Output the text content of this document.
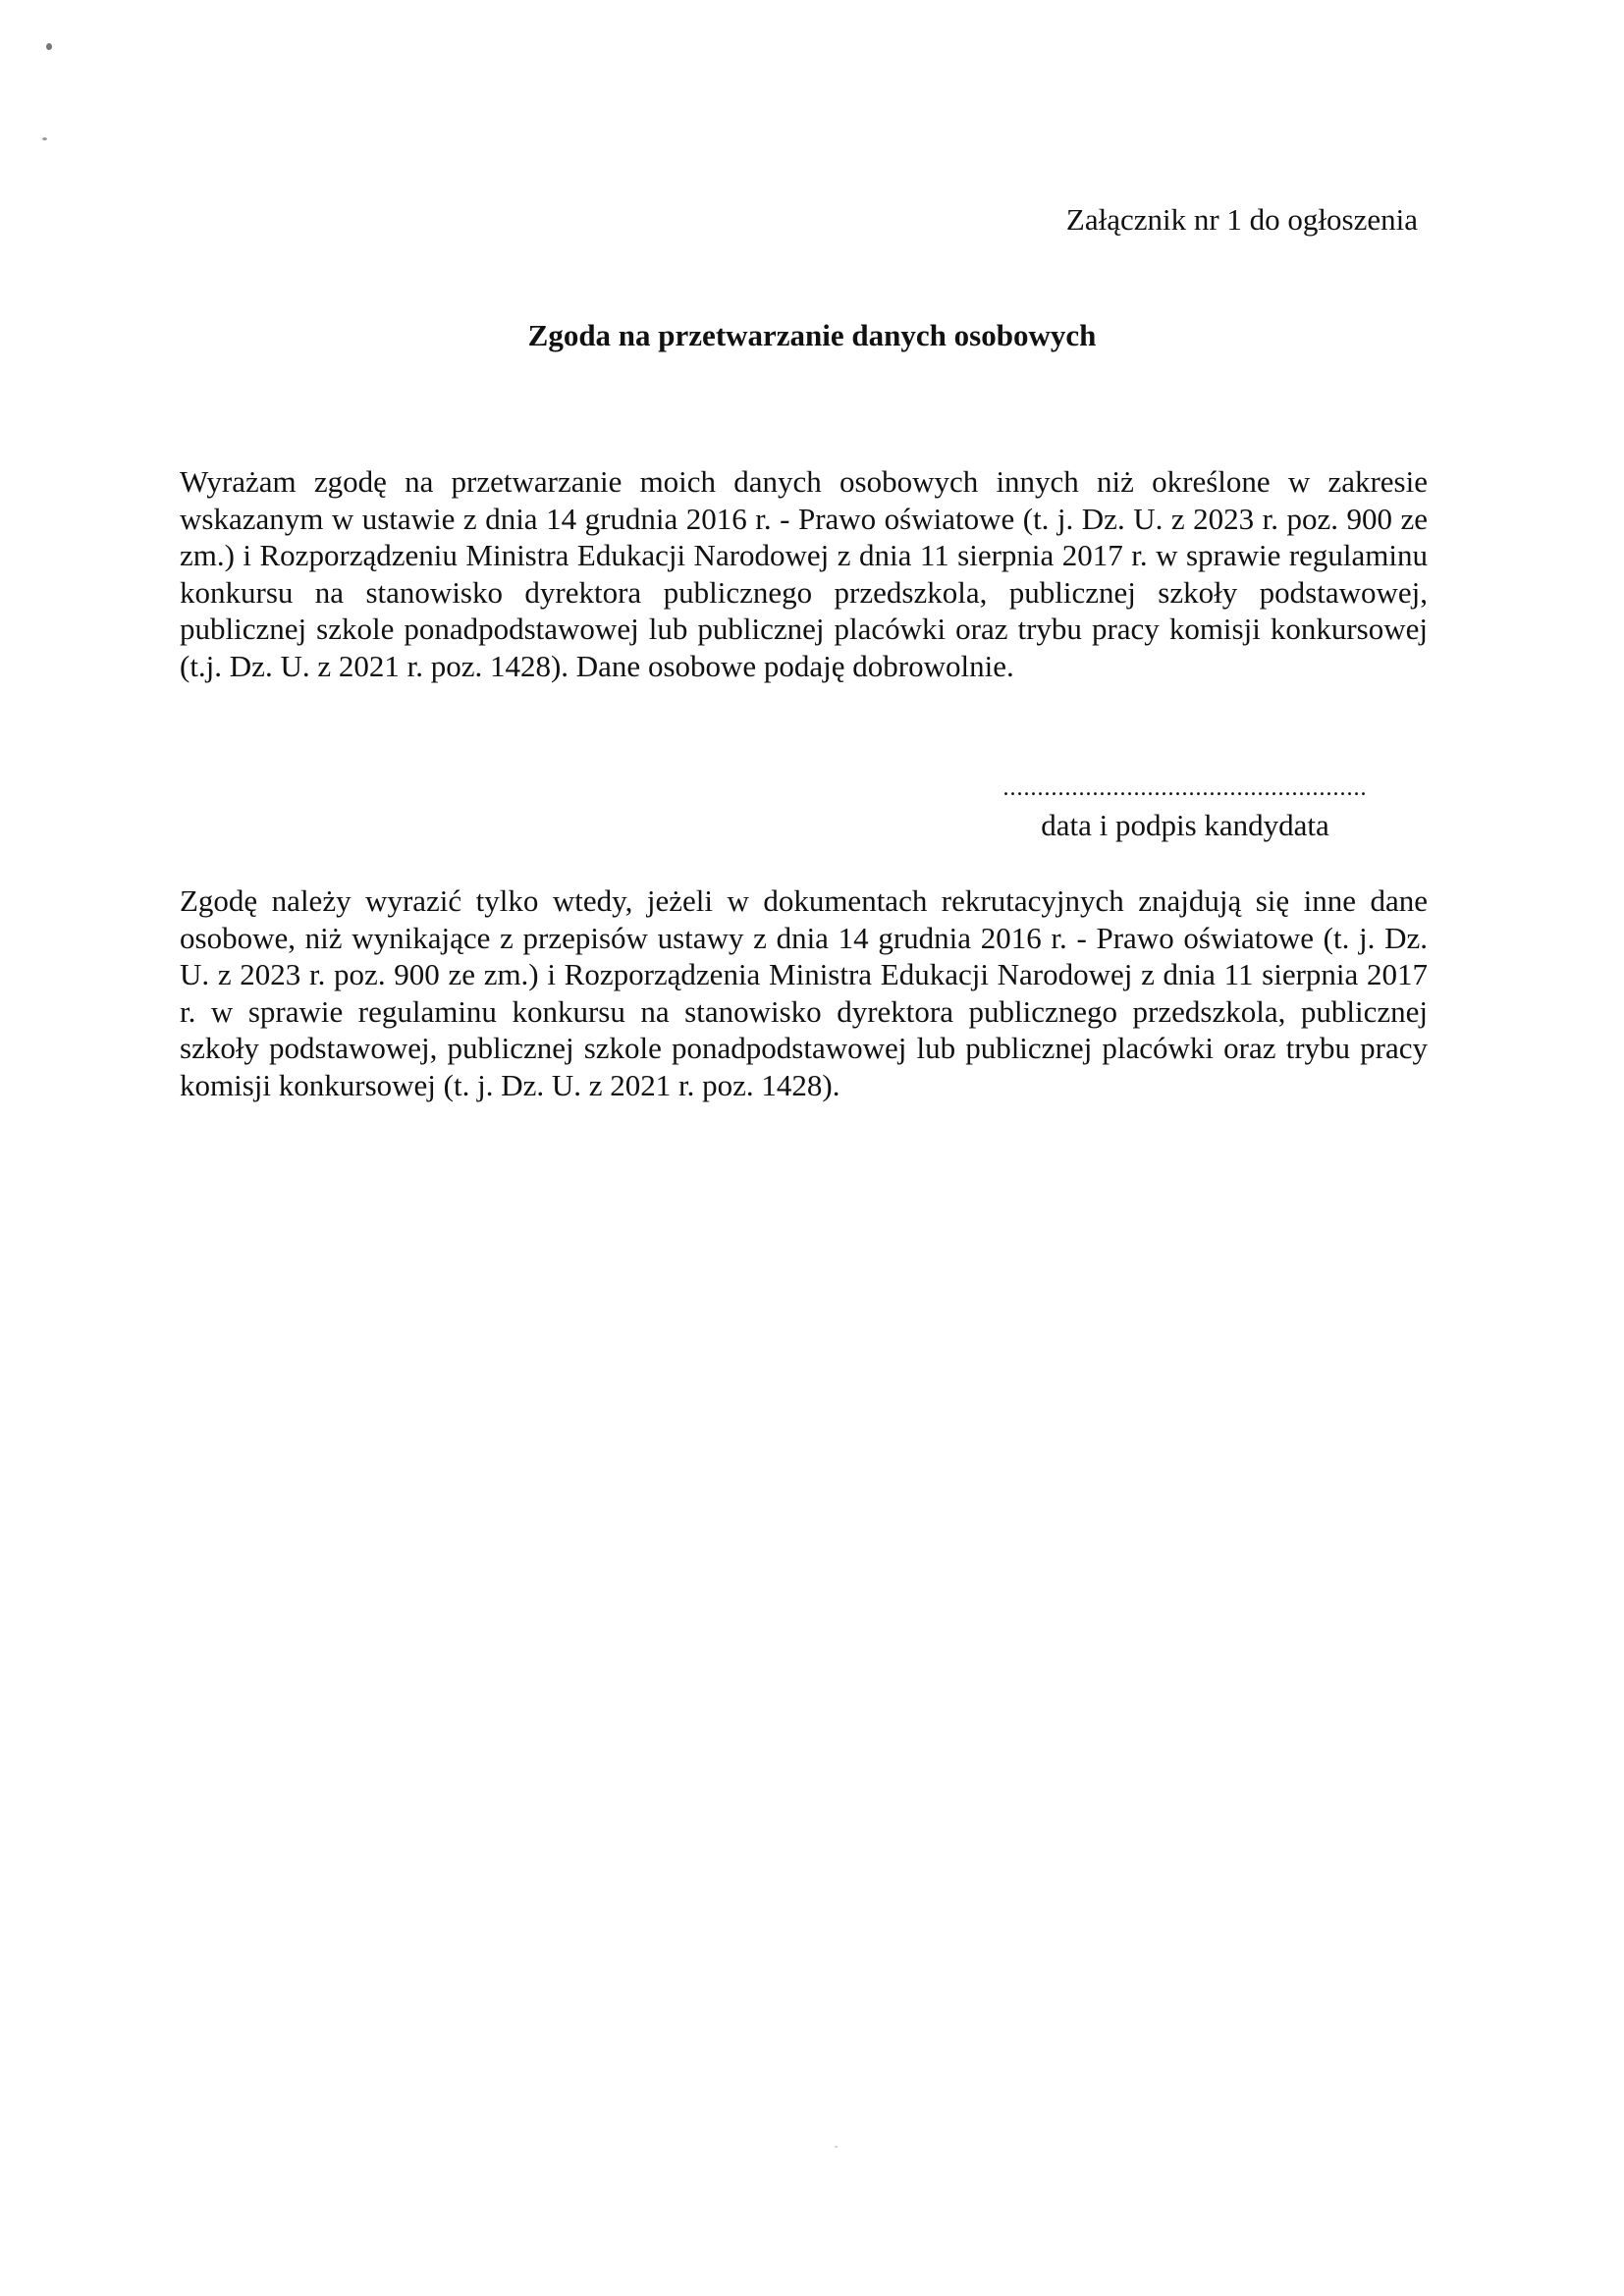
Załącznik nr 1 do ogłoszenia
Zgoda na przetwarzanie danych osobowych

Wyrażam zgodę na przetwarzanie moich danych osobowych innych niż określone w zakresie wskazanym w ustawie z dnia 14 grudnia 2016 r. - Prawo oświatowe (t. j. Dz. U. z 2023 r. poz. 900 ze zm.) i Rozporządzeniu Ministra Edukacji Narodowej z dnia 11 sierpnia 2017 r. w sprawie regulaminu konkursu na stanowisko dyrektora publicznego przedszkola, publicznej szkoły podstawowej, publicznej szkole ponadpodstawowej lub publicznej placówki oraz trybu pracy komisji konkursowej (t.j. Dz. U. z 2021 r. poz. 1428). Dane osobowe podaję dobrowolnie.

.....................................................
data i podpis kandydata

Zgodę należy wyrazić tylko wtedy, jeżeli w dokumentach rekrutacyjnych znajdują się inne dane osobowe, niż wynikające z przepisów ustawy z dnia 14 grudnia 2016 r. - Prawo oświatowe (t. j. Dz. U. z 2023 r. poz. 900 ze zm.) i Rozporządzenia Ministra Edukacji Narodowej z dnia 11 sierpnia 2017 r. w sprawie regulaminu konkursu na stanowisko dyrektora publicznego przedszkola, publicznej szkoły podstawowej, publicznej szkole ponadpodstawowej lub publicznej placówki oraz trybu pracy komisji konkursowej (t. j. Dz. U. z 2021 r. poz. 1428).
